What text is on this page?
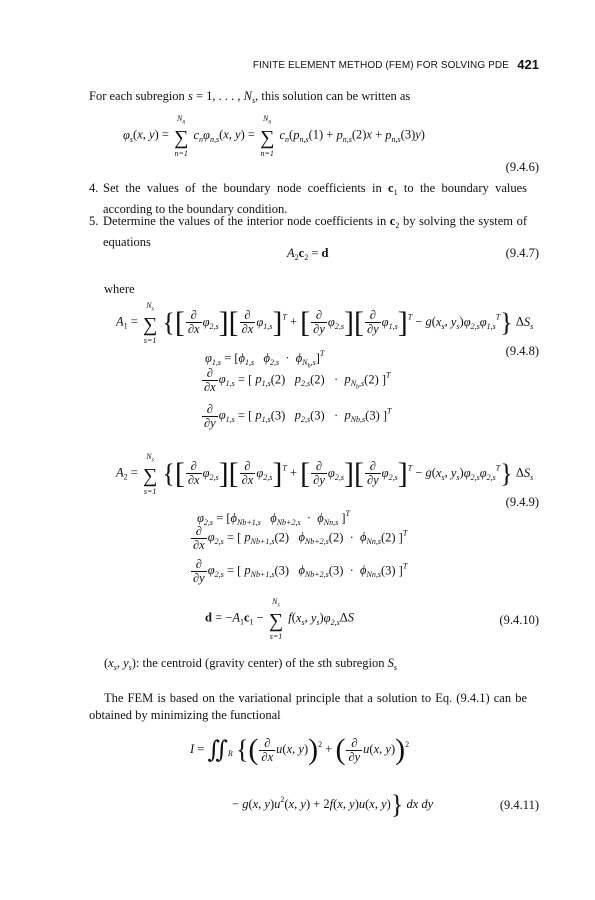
FINITE ELEMENT METHOD (FEM) FOR SOLVING PDE 421
For each subregion s = 1, . . . , $N_s$, this solution can be written as
$\varphi_s(x$, y) =
$N_n$
∑
n=1
$c_n\varphi_{n,s}(x$, y) =
$N_n$
∑
n=1
$c_n(p_{n,s}(1) + p_{n,s}(2)x + p_{n,s}(3)y)$
(9.4.6)
4. Set the values of the boundary node coefficients in $c_1$ to the boundary values according to the boundary condition.
5. Determine the values of the interior node coefficients in $c_2$ by solving the system of equations
$A_2c_2 = d$	(9.4.7)
where
$A_1$ =
$N_s$
∑
s=1
{[ $\frac{\partial}{\partial x} \varphi_{2,s}][ \frac{\partial}{\partial x} \varphi_{1,s}]^T$ + [ $\frac{\partial}{\partial y} \varphi_{2,s}][ \frac{\partial}{\partial y} \varphi_{1,s}]^T - g(x_s$, $y_s)\varphi_{2,s}\varphi_{1,s}^T$} $\Delta S_s$
(9.4.8)
$\varphi_{1,s} = [\phi_{1,s}$ $\phi_{2,s} \cdot \phi_{N_b,s}]^T$
$\frac{\partial}{\partial x} \varphi_{1,s}$ = [ $p_{1,s}(2) p_{2,s}(2) \cdot p_{N_b,s}(2)$ ]$^T$
$\frac{\partial}{\partial y} \varphi_{1,s}$ = [ $p_{1,s}(3) p_{2,s}(3) \cdot p_{Nb,s}(3)$ ]$^T$
$A_2$ =
$N_s$
∑
s=1
{[ $\frac{\partial}{\partial x} \varphi_{2,s}][ \frac{\partial}{\partial x} \varphi_{2,s}]^T$ + [ $\frac{\partial}{\partial y} \varphi_{2,s}][ \frac{\partial}{\partial y} \varphi_{2,s}]^T - g(x_s$, $y_s)\varphi_{2,s}\varphi_{2,s}^T$} $\Delta S_s$
(9.4.9)
$\varphi_{2,s} = [\phi_{Nb+1,s}$ $\phi_{Nb+2,s} \cdot \phi_{Nn,s}$ ]$^T$
$\frac{\partial}{\partial x} \varphi_{2,s}$ = [ $p_{Nb+1,s}(2) \phi_{Nb+2,s}(2) \cdot \phi_{Nn,s}(2)$ ]$^T$
$\frac{\partial}{\partial y} \varphi_{2,s}$ = [ $p_{Nb+1,s}(3) \phi_{Nb+2,s}(3) \cdot \phi_{Nn,s}(3)$ ]$^T$
$d = -A_1c_1$ −
$N_s$
∑
s=1
$f(x_s$, $y_s)\varphi_{2,s}\Delta S$	(9.4.10)
($x_s$, $y_s$): the centroid (gravity center) of the sth subregion $S_s$
The FEM is based on the variational principle that a solution to Eq. (9.4.1) can be obtained by minimizing the functional
$I = ∬_R$ {( $\frac{\partial}{\partial x} u(x$, y))$^2$ + ( $\frac{\partial}{\partial y} u(x$, y))$^2$
− g(x, $y)u^2(x$, y) + 2f(x, y)u(x, y)} dx dy	(9.4.11)
